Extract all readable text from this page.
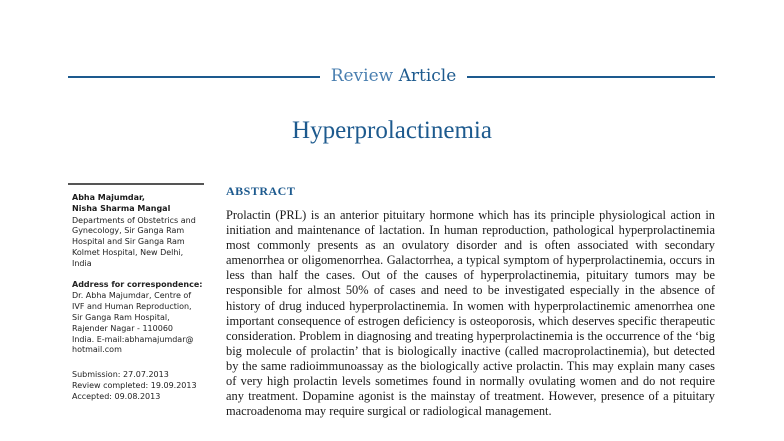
Review Article
Hyperprolactinemia
Abha Majumdar,
Nisha Sharma Mangal
Departments of Obstetrics and
Gynecology, Sir Ganga Ram
Hospital and Sir Ganga Ram
Kolmet Hospital, New Delhi,
India
Address for correspondence:
Dr. Abha Majumdar, Centre of
IVF and Human Reproduction,
Sir Ganga Ram Hospital,
Rajender Nagar - 110060
India. E-mail:abhamajumdar@
hotmail.com
Submission: 27.07.2013
Review completed: 19.09.2013
Accepted: 09.08.2013
ABSTRACT

Prolactin (PRL) is an anterior pituitary hormone which has its principle physiological action in initiation and maintenance of lactation. In human reproduction, pathological hyperprolactinemia most commonly presents as an ovulatory disorder and is often associated with secondary amenorrhea or oligomenorrhea. Galactorrhea, a typical symptom of hyperprolactinemia, occurs in less than half the cases. Out of the causes of hyperprolactinemia, pituitary tumors may be responsible for almost 50% of cases and need to be investigated especially in the absence of history of drug induced hyperprolactinemia. In women with hyperprolactinemic amenorrhea one important consequence of estrogen deficiency is osteoporosis, which deserves specific therapeutic consideration. Problem in diagnosing and treating hyperprolactinemia is the occurrence of the ‘big big molecule of prolactin’ that is biologically inactive (called macroprolactinemia), but detected by the same radioimmunoassay as the biologically active prolactin. This may explain many cases of very high prolactin levels sometimes found in normally ovulating women and do not require any treatment. Dopamine agonist is the mainstay of treatment. However, presence of a pituitary macroadenoma may require surgical or radiological management.
